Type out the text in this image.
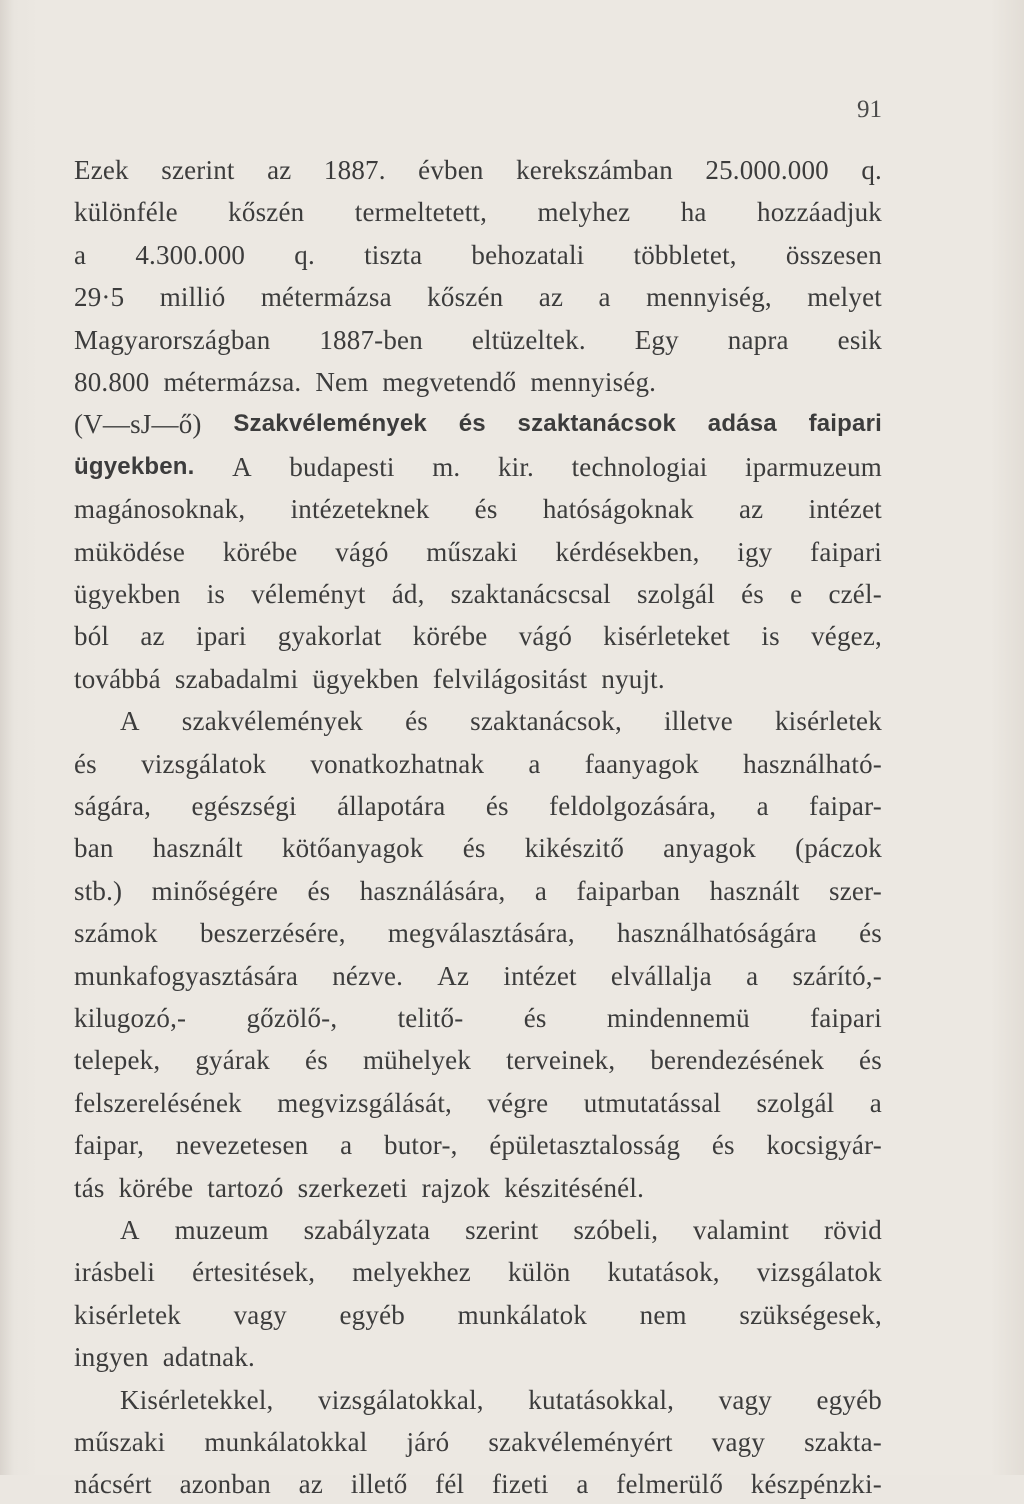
91
Ezek szerint az 1887. évben kerekszámban 25.000.000 q.
különféle kőszén termeltetett, melyhez ha hozzáadjuk
a 4.300.000 q. tiszta behozatali többletet, összesen
29·5 millió métermázsa kőszén az a mennyiség, melyet
Magyarországban 1887-ben eltüzeltek. Egy napra esik
80.800 métermázsa. Nem megvetendő mennyiség.
(V—sJ—ő) Szakvélemények és szaktanácsok adása faipari
ügyekben. A budapesti m. kir. technologiai iparmuzeum
magánosoknak, intézeteknek és hatóságoknak az intézet
müködése körébe vágó műszaki kérdésekben, igy faipari
ügyekben is véleményt ád, szaktanácscsal szolgál és e czél-
ból az ipari gyakorlat körébe vágó kisérleteket is végez,
továbbá szabadalmi ügyekben felvilágositást nyujt.
A szakvélemények és szaktanácsok, illetve kisérletek
és vizsgálatok vonatkozhatnak a faanyagok használható-
ságára, egészségi állapotára és feldolgozására, a faipar-
ban használt kötőanyagok és kikészitő anyagok (páczok
stb.) minőségére és használására, a faiparban használt szer-
számok beszerzésére, megválasztására, használhatóságára és
munkafogyasztására nézve. Az intézet elvállalja a szárító,-
kilugozó,- gőzölő-, telitő- és mindennemü faipari
telepek, gyárak és mühelyek terveinek, berendezésének és
felszerelésének megvizsgálását, végre utmutatással szolgál a
faipar, nevezetesen a butor-, épületasztalosság és kocsigyár-
tás körébe tartozó szerkezeti rajzok készitésénél.
A muzeum szabályzata szerint szóbeli, valamint rövid
irásbeli értesitések, melyekhez külön kutatások, vizsgálatok
kisérletek vagy egyéb munkálatok nem szükségesek,
ingyen adatnak.
Kisérletekkel, vizsgálatokkal, kutatásokkal, vagy egyéb
műszaki munkálatokkal járó szakvéleményért vagy szakta-
nácsért azonban az illető fél fizeti a felmerülő készpénzki-
